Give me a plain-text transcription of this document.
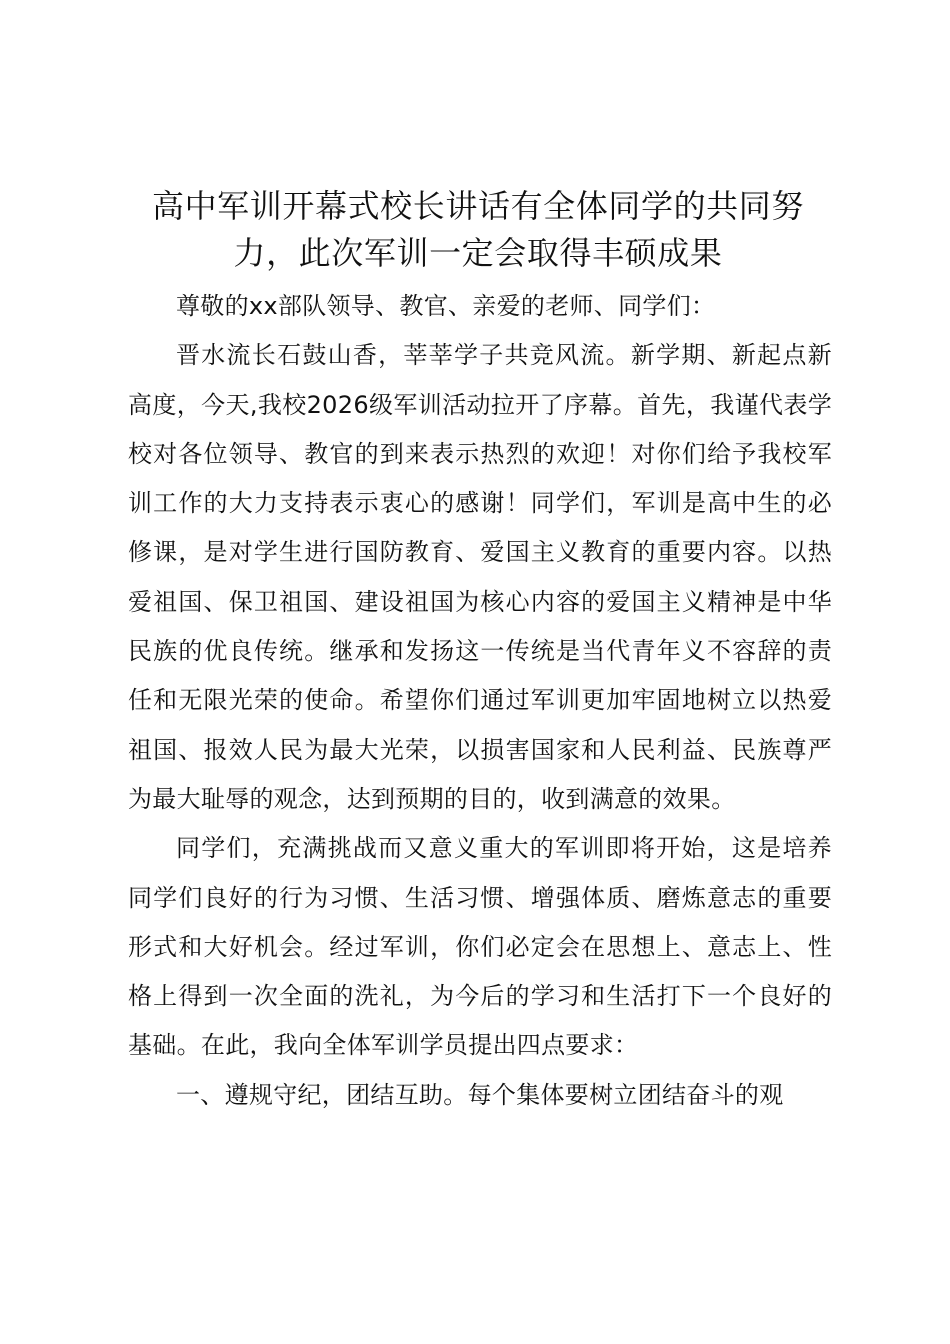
高中军训开幕式校长讲话有全体同学的共同努力，此次军训一定会取得丰硕成果

尊敬的xx部队领导、教官、亲爱的老师、同学们：

晋水流长石鼓山香，莘莘学子共竞风流。新学期、新起点新高度，今天,我校2026级军训活动拉开了序幕。首先，我谨代表学校对各位领导、教官的到来表示热烈的欢迎！对你们给予我校军训工作的大力支持表示衷心的感谢！同学们，军训是高中生的必修课，是对学生进行国防教育、爱国主义教育的重要内容。以热爱祖国、保卫祖国、建设祖国为核心内容的爱国主义精神是中华民族的优良传统。继承和发扬这一传统是当代青年义不容辞的责任和无限光荣的使命。希望你们通过军训更加牢固地树立以热爱祖国、报效人民为最大光荣，以损害国家和人民利益、民族尊严为最大耻辱的观念，达到预期的目的，收到满意的效果。

同学们，充满挑战而又意义重大的军训即将开始，这是培养同学们良好的行为习惯、生活习惯、增强体质、磨炼意志的重要形式和大好机会。经过军训，你们必定会在思想上、意志上、性格上得到一次全面的洗礼，为今后的学习和生活打下一个良好的基础。在此，我向全体军训学员提出四点要求：

一、遵规守纪，团结互助。每个集体要树立团结奋斗的观
